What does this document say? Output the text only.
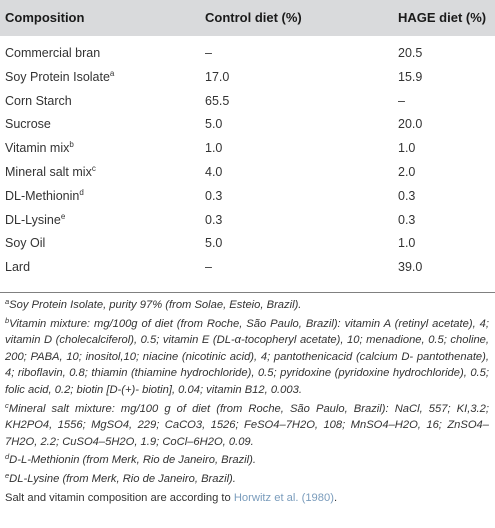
Composition	Control diet (%)	HAGE diet (%)
Commercial bran	–	20.5
Soy Protein Isolate$^a$	17.0	15.9
Corn Starch	65.5	–
Sucrose	5.0	20.0
Vitamin mix$^b$	1.0	1.0
Mineral salt mix$^c$	4.0	2.0
DL-Methionin$^d$	0.3	0.3
DL-Lysine$^e$	0.3	0.3
Soy Oil	5.0	1.0
Lard	–	39.0

$^a$Soy Protein Isolate, purity 97% (from Solae, Esteio, Brazil).

$^b$Vitamin mixture: mg/100g of diet (from Roche, São Paulo, Brazil): vitamin A (retinyl acetate), 4; vitamin D (cholecalciferol), 0.5; vitamin E (DL-α-tocopheryl acetate), 10; menadione, 0.5; choline, 200; PABA, 10; inositol,10; niacine (nicotinic acid), 4; pantothenicacid (calcium D- pantothenate), 4; riboflavin, 0.8; thiamin (thiamine hydrochloride), 0.5; pyridoxine (pyridoxine hydrochloride), 0.5; folic acid, 0.2; biotin [D-(+)- biotin], 0.04; vitamin B12, 0.003.

$^c$Mineral salt mixture: mg/100 g of diet (from Roche, São Paulo, Brazil): NaCl, 557; KI,3.2; KH2PO4, 1556; MgSO4, 229; CaCO3, 1526; FeSO4–7H2O, 108; MnSO4–H2O, 16; ZnSO4–7H2O, 2.2; CuSO4–5H2O, 1.9; CoCl–6H2O, 0.09.

$^d$D-L-Methionin (from Merk, Rio de Janeiro, Brazil).

$^e$DL-Lysine (from Merk, Rio de Janeiro, Brazil).

Salt and vitamin composition are according to Horwitz et al. (1980).
